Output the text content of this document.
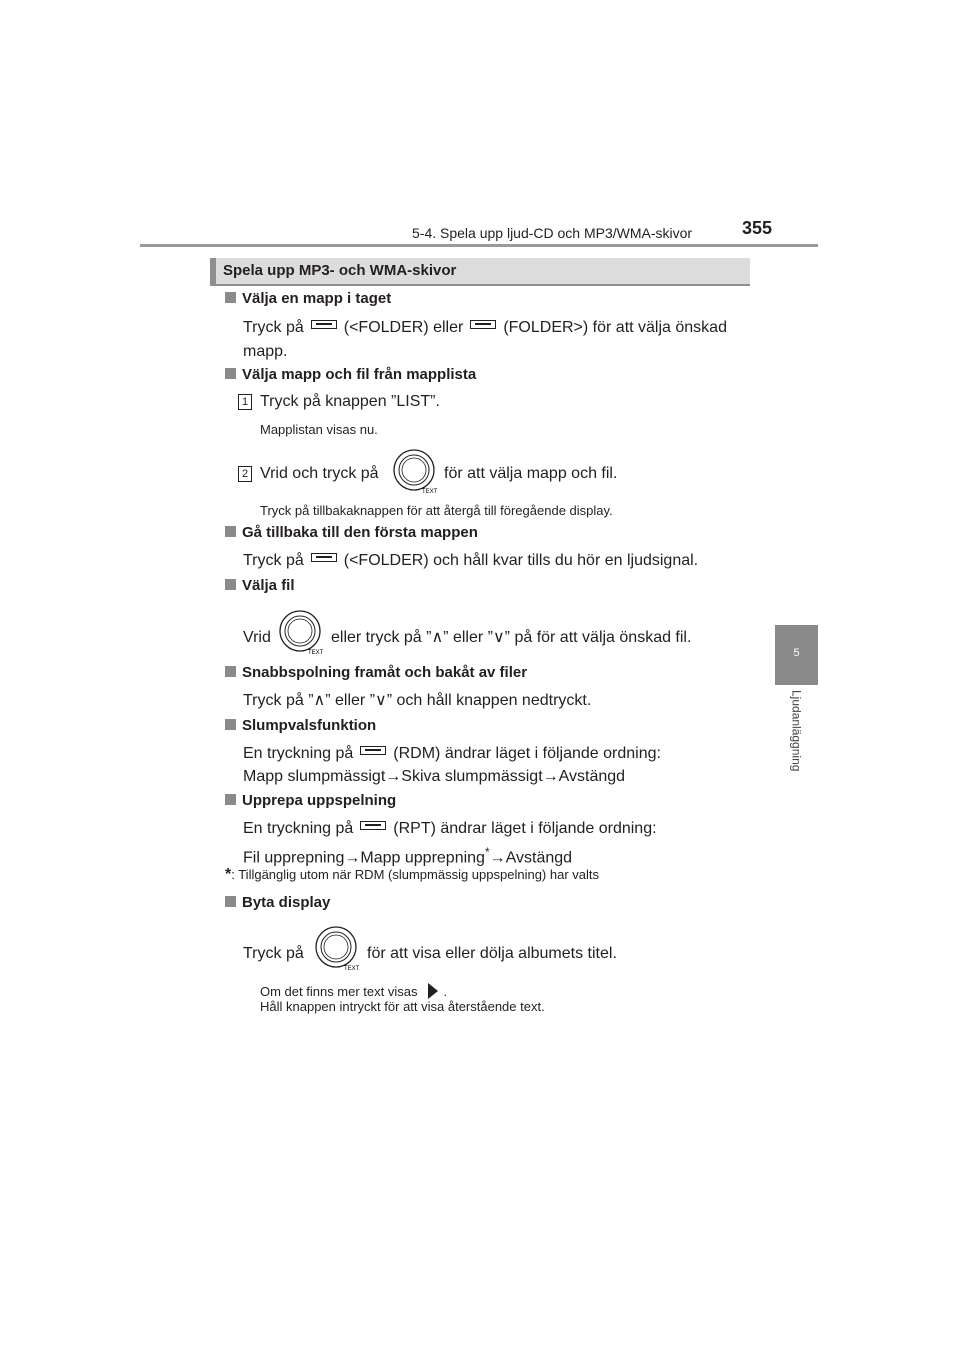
5-4. Spela upp ljud-CD och MP3/WMA-skivor	355
5
Ljudanläggning
Spela upp MP3- och WMA-skivor
Välja en mapp i taget
Tryck på	(<FOLDER) eller	(FOLDER>) för att välja önskad
mapp.
Välja mapp och fil från mapplista
1 Tryck på knappen ”LIST”.
Mapplistan visas nu.
2 Vrid och tryck på
TEXT
för att välja mapp och fil.
Tryck på tillbakaknappen för att återgå till föregående display.
Gå tillbaka till den första mappen
Tryck på	(<FOLDER) och håll kvar tills du hör en ljudsignal.
Välja fil
Vrid
TEXT
eller tryck på ”∧” eller ”∨” på för att välja önskad fil.
Snabbspolning framåt och bakåt av filer
Tryck på ”∧” eller ”∨” och håll knappen nedtryckt.
Slumpvalsfunktion
En tryckning på	(RDM) ändrar läget i följande ordning:
Mapp slumpmässigt→Skiva slumpmässigt→Avstängd
Upprepa uppspelning
En tryckning på	(RPT) ändrar läget i följande ordning:
Fil upprepning→Mapp upprepning*→Avstängd
*: Tillgänglig utom när RDM (slumpmässig uppspelning) har valts
Byta display
Tryck på
TEXT
för att visa eller dölja albumets titel.
Om det finns mer text visas .
Håll knappen intryckt för att visa återstående text.
